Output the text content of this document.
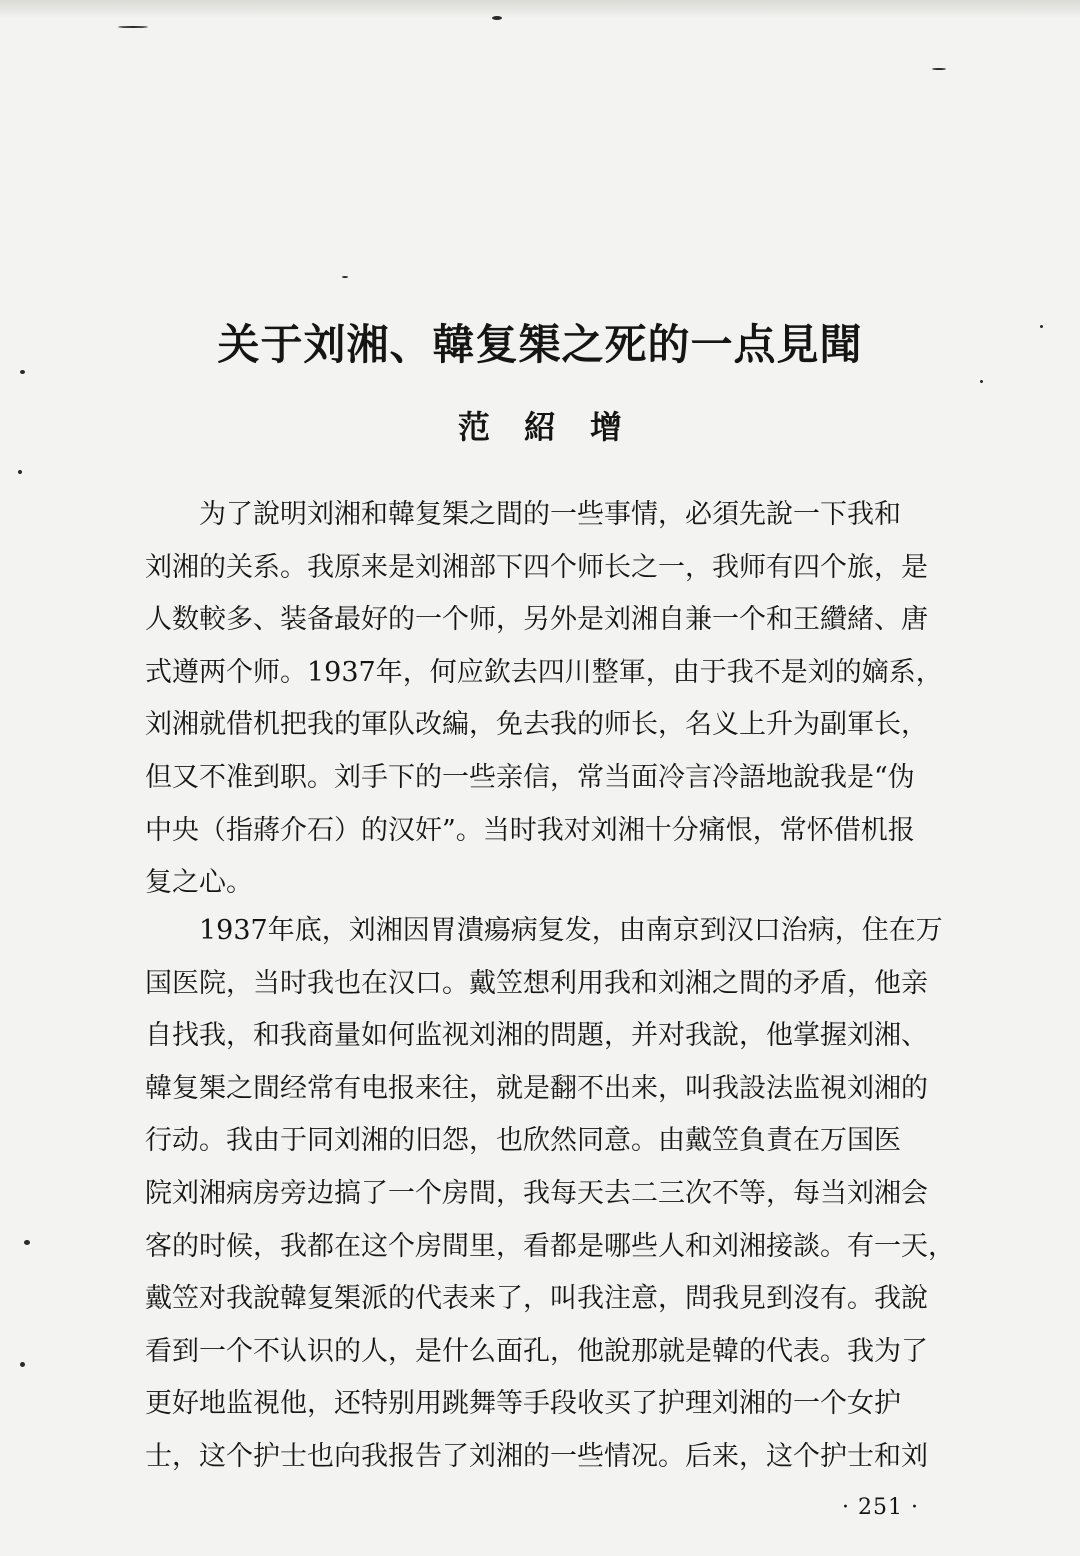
关于刘湘、韓复榘之死的一点見聞
范紹增
为了說明刘湘和韓复榘之間的一些事情，必須先說一下我和
刘湘的关系。我原来是刘湘部下四个师长之一，我师有四个旅，是
人数較多、装备最好的一个师，另外是刘湘自兼一个和王纘緒、唐
式遵两个师。1937年，何应欽去四川整軍，由于我不是刘的嫡系，
刘湘就借机把我的軍队改編，免去我的师长，名义上升为副軍长，
但又不准到职。刘手下的一些亲信，常当面冷言冷語地說我是“伪
中央（指蔣介石）的汉奸”。当时我对刘湘十分痛恨，常怀借机报
复之心。
1937年底，刘湘因胃潰瘍病复发，由南京到汉口治病，住在万
国医院，当时我也在汉口。戴笠想利用我和刘湘之間的矛盾，他亲
自找我，和我商量如何监视刘湘的問題，并对我說，他掌握刘湘、
韓复榘之間经常有电报来往，就是翻不出来，叫我設法监視刘湘的
行动。我由于同刘湘的旧怨，也欣然同意。由戴笠負責在万国医
院刘湘病房旁边搞了一个房間，我每天去二三次不等，每当刘湘会
客的时候，我都在这个房間里，看都是哪些人和刘湘接談。有一天，
戴笠对我說韓复榘派的代表来了，叫我注意，問我見到沒有。我說
看到一个不认识的人，是什么面孔，他說那就是韓的代表。我为了
更好地监視他，还特别用跳舞等手段收买了护理刘湘的一个女护
士，这个护士也向我报告了刘湘的一些情况。后来，这个护士和刘
· 251 ·
